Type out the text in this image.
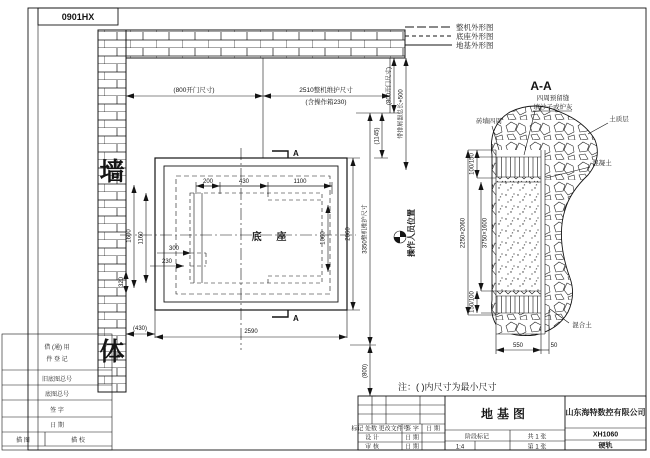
0901HX
墙
体
整机外形图
底座外形图
地基外形图
底 座
A
A
(800开门尺寸)	2510整机维护尺寸
(含操作箱230)
200	430	1100
1600 1160
300
230
320
1060	2060	3350整机维护尺寸
(800)
(1145)
(800开门尺寸)
带排屑器总长+500
(430)	2590
操作人员位置
A-A
砖墙四周
四周预留缝
填沙子或炉灰
土质层
混凝土
混合土
100/150
2250×2060	3750×1600
150/100
550	50
注：( )内尺寸为最小尺寸
标记 处数 更改文件号
签 字 日 期
设 计	日 期
审 核	日 期
地基图
阶段标记	共 1 张
1:4	第 1 张
山东海特数控有限公司
XH1060
硬轨
借 (通) 用
件 登 记
旧底图总号
底图总号
签 字
日 期
描 图	描 校
